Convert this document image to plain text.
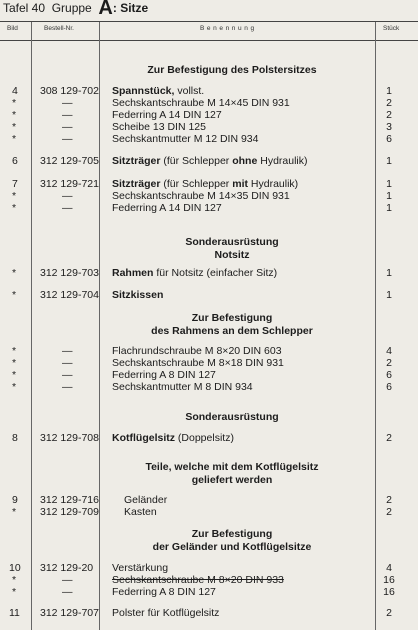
Tafel 40 Gruppe A: Sitze
Bild	Bestell-Nr.	Benennung	Stück
Zur Befestigung des Polstersitzes
Sonderausrüstung
Notsitz
Zur Befestigung
des Rahmens an dem Schlepper
Sonderausrüstung
Teile, welche mit dem Kotflügelsitz
geliefert werden
Zur Befestigung
der Geländer und Kotflügelsitze
4 308 129-702 Spannstück, vollst.	1
*	—	Sechskantschraube M 14×45 DIN 931	2
*	—	Federring A 14 DIN 127	2
*	—	Scheibe 13 DIN 125	3
*	—	Sechskantmutter M 12 DIN 934	6
6 312 129-705 Sitzträger (für Schlepper ohne Hydraulik)	1
7 312 129-721 Sitzträger (für Schlepper mit Hydraulik)	1
*	—	Sechskantschraube M 14×35 DIN 931	1
*	—	Federring A 14 DIN 127	1
* 312 129-703 Rahmen für Notsitz (einfacher Sitz)	1
* 312 129-704 Sitzkissen	1
*	—	Flachrundschraube M 8×20 DIN 603	4
*	—	Sechskantschraube M 8×18 DIN 931	2
*	—	Federring A 8 DIN 127	6
*	—	Sechskantmutter M 8 DIN 934	6
8 312 129-708 Kotflügelsitz (Doppelsitz)	2
9 312 129-716 Geländer	2
* 312 129-709 Kasten	2
10 312 129-20 Verstärkung	4
*	—	Sechskantschraube M 8×20 DIN 933	16
*	—	Federring A 8 DIN 127	16
11 312 129-707 Polster für Kotflügelsitz	2
